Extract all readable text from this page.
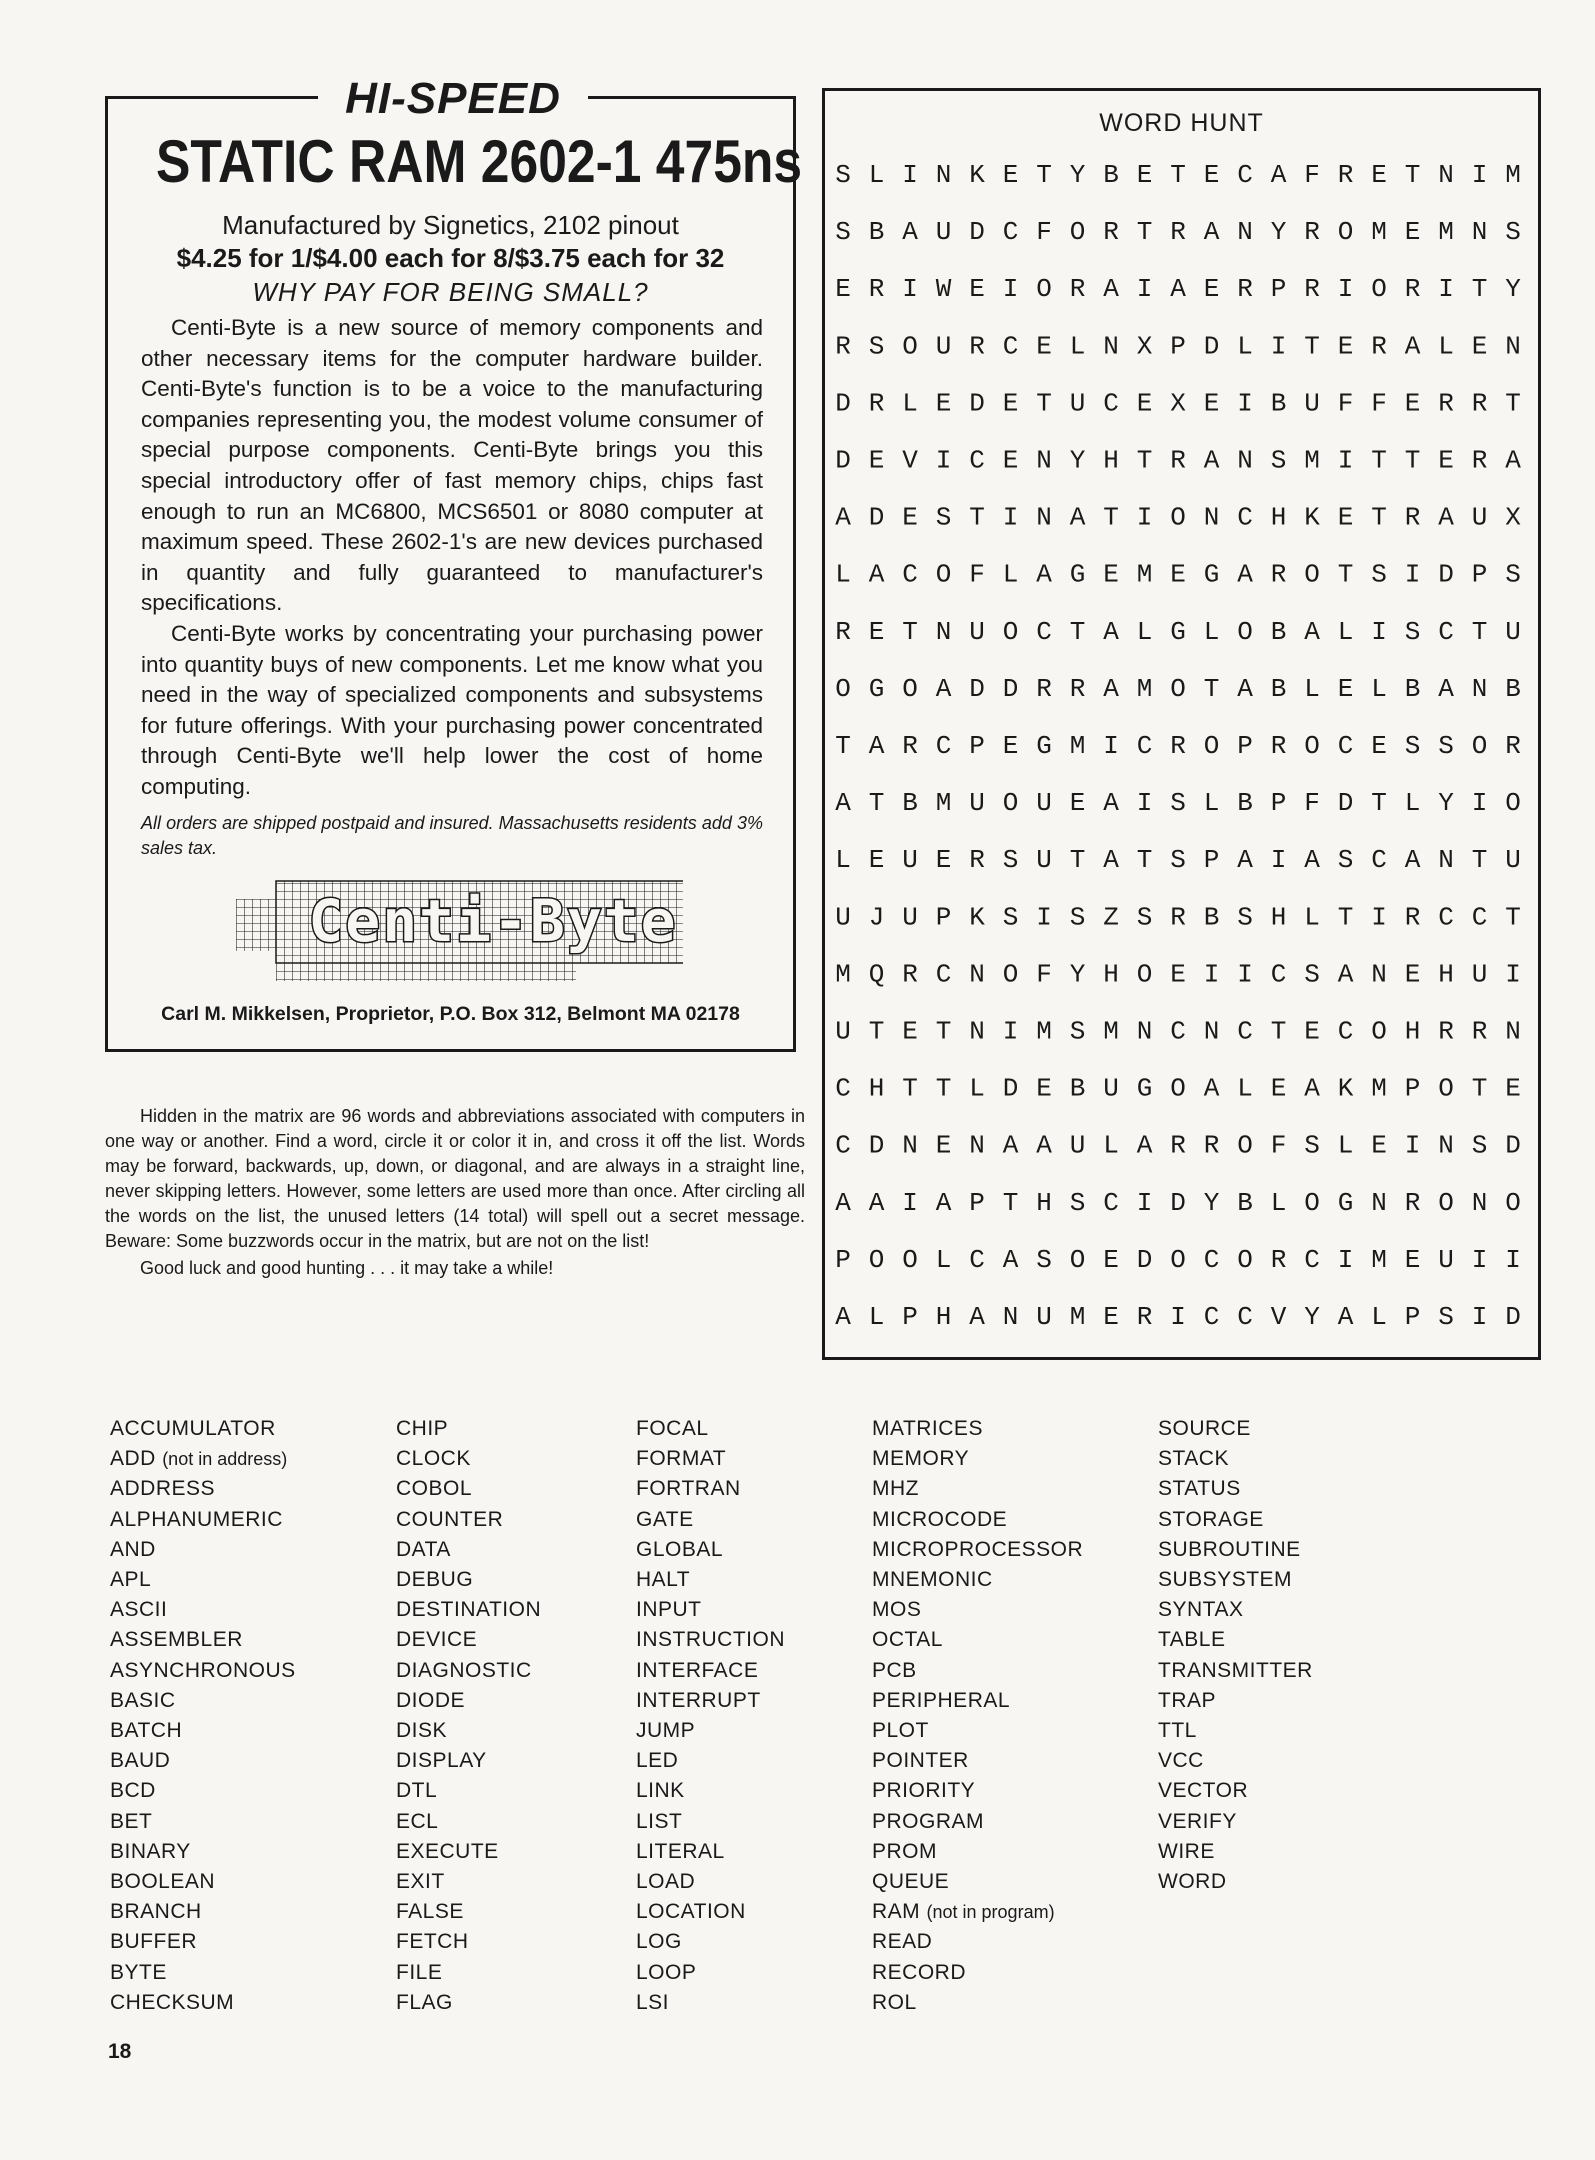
HI-SPEED
STATIC RAM 2602-1 475ns
Manufactured by Signetics, 2102 pinout
$4.25 for 1/$4.00 each for 8/$3.75 each for 32
WHY PAY FOR BEING SMALL?

Centi-Byte is a new source of memory components and other necessary items for the computer hardware builder. Centi-Byte's function is to be a voice to the manufacturing companies representing you, the modest volume consumer of special purpose components. Centi-Byte brings you this special introductory offer of fast memory chips, chips fast enough to run an MC6800, MCS6501 or 8080 computer at maximum speed. These 2602-1's are new devices purchased in quantity and fully guaranteed to manufacturer's specifications.

Centi-Byte works by concentrating your purchasing power into quantity buys of new components. Let me know what you need in the way of specialized components and subsystems for future offerings. With your purchasing power concentrated through Centi-Byte we'll help lower the cost of home computing.

All orders are shipped postpaid and insured. Massachusetts residents add 3% sales tax.
Centi-Byte
Carl M. Mikkelsen, Proprietor, P.O. Box 312, Belmont MA 02178

Hidden in the matrix are 96 words and abbreviations associated with computers in one way or another. Find a word, circle it or color it in, and cross it off the list. Words may be forward, backwards, up, down, or diagonal, and are always in a straight line, never skipping letters. However, some letters are used more than once. After circling all the words on the list, the unused letters (14 total) will spell out a secret message. Beware: Some buzzwords occur in the matrix, but are not on the list!

Good luck and good hunting . . . it may take a while!

WORD HUNT
S L I N K E T Y B E T E C A F R E T N I M
S B A U D C F O R T R A N Y R O M E M N S
E R I W E I O R A I A E R P R I O R I T Y
R S O U R C E L N X P D L I T E R A L E N
D R L E D E T U C E X E I B U F F E R R T
D E V I C E N Y H T R A N S M I T T E R A
A D E S T I N A T I O N C H K E T R A U X
L A C O F L A G E M E G A R O T S I D P S
R E T N U O C T A L G L O B A L I S C T U
O G O A D D R R A M O T A B L E L B A N B
T A R C P E G M I C R O P R O C E S S O R
A T B M U O U E A I S L B P F D T L Y I O
L E U E R S U T A T S P A I A S C A N T U
U J U P K S I S Z S R B S H L T I R C C T
M Q R C N O F Y H O E I I C S A N E H U I
U T E T N I M S M N C N C T E C O H R R N
C H T T L D E B U G O A L E A K M P O T E
C D N E N A A U L A R R O F S L E I N S D
A A I A P T H S C I D Y B L O G N R O N O
P O O L C A S O E D O C O R C I M E U I I
A L P H A N U M E R I C C V Y A L P S I D
ACCUMULATOR
ADD (not in address)
ADDRESS
ALPHANUMERIC
AND
APL
ASCII
ASSEMBLER
ASYNCHRONOUS
BASIC
BATCH
BAUD
BCD
BET
BINARY
BOOLEAN
BRANCH
BUFFER
BYTE
CHECKSUM
CHIP
CLOCK
COBOL
COUNTER
DATA
DEBUG
DESTINATION
DEVICE
DIAGNOSTIC
DIODE
DISK
DISPLAY
DTL
ECL
EXECUTE
EXIT
FALSE
FETCH
FILE
FLAG
FOCAL
FORMAT
FORTRAN
GATE
GLOBAL
HALT
INPUT
INSTRUCTION
INTERFACE
INTERRUPT
JUMP
LED
LINK
LIST
LITERAL
LOAD
LOCATION
LOG
LOOP
LSI
MATRICES
MEMORY
MHZ
MICROCODE
MICROPROCESSOR
MNEMONIC
MOS
OCTAL
PCB
PERIPHERAL
PLOT
POINTER
PRIORITY
PROGRAM
PROM
QUEUE
RAM (not in program)
READ
RECORD
ROL
SOURCE
STACK
STATUS
STORAGE
SUBROUTINE
SUBSYSTEM
SYNTAX
TABLE
TRANSMITTER
TRAP
TTL
VCC
VECTOR
VERIFY
WIRE
WORD
18
